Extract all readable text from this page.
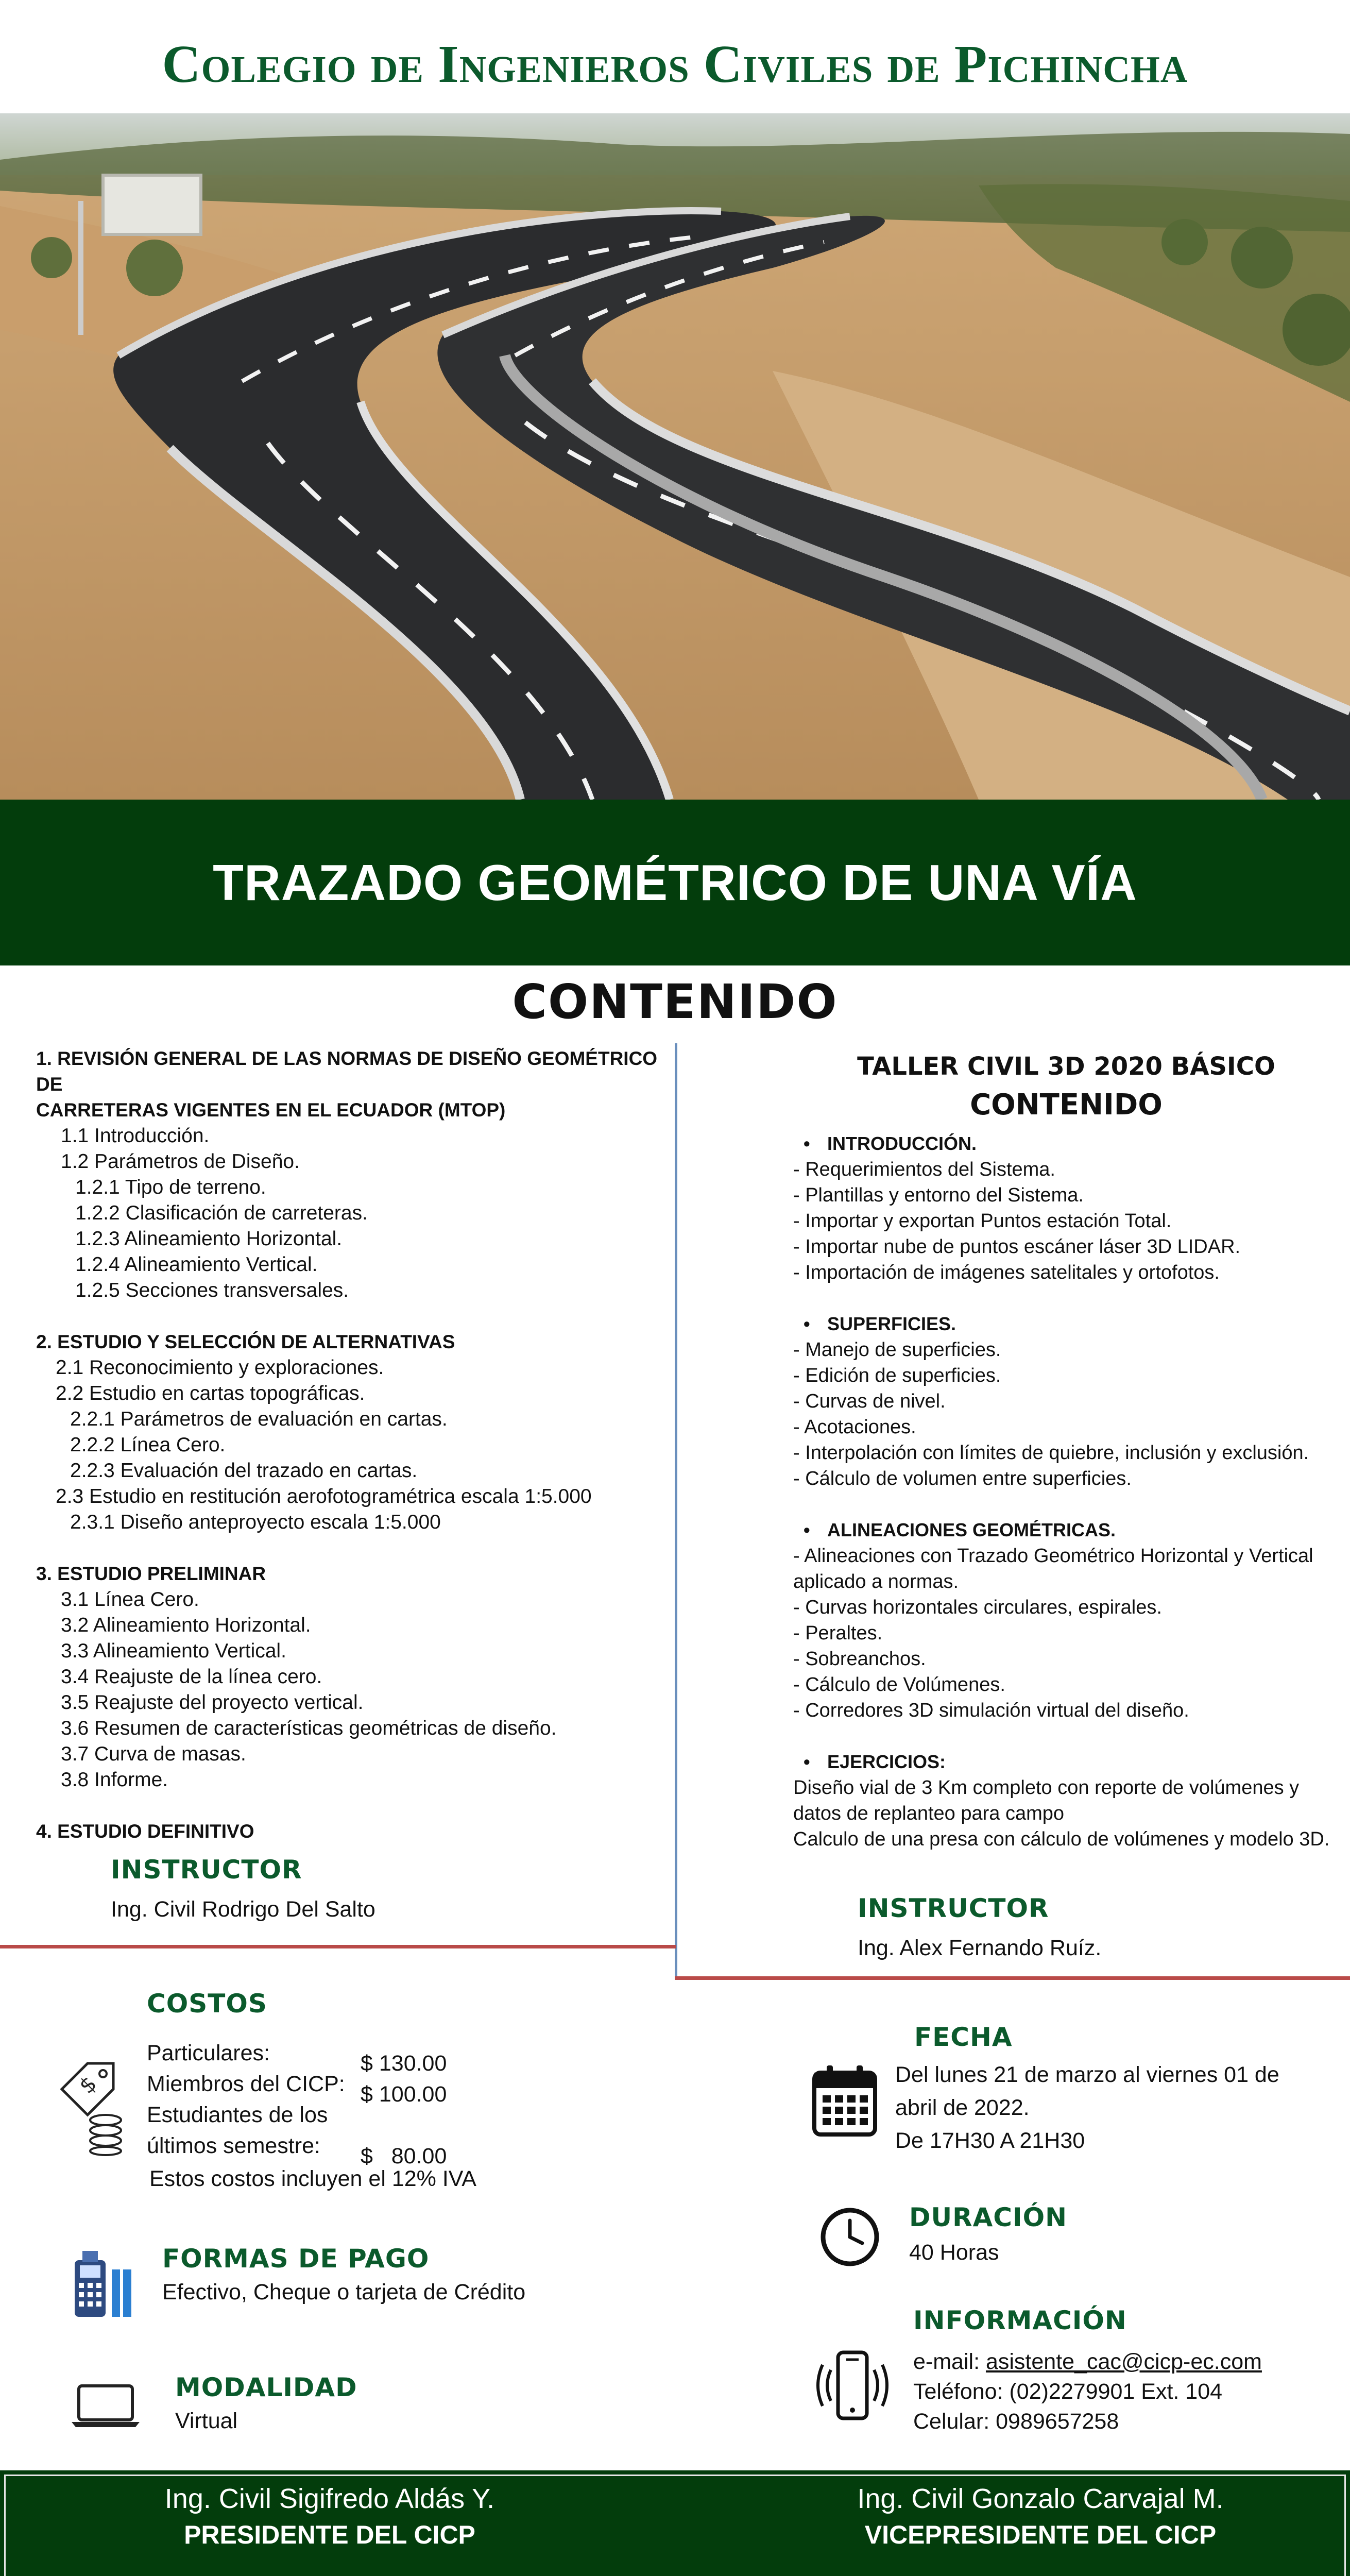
Colegio de Ingenieros Civiles de Pichincha
TRAZADO GEOMÉTRICO DE UNA VÍA
CONTENIDO
1. REVISIÓN GENERAL DE LAS NORMAS DE DISEÑO GEOMÉTRICO DE
CARRETERAS VIGENTES EN EL ECUADOR (MTOP)
1.1 Introducción.
1.2 Parámetros de Diseño.
1.2.1 Tipo de terreno.
1.2.2 Clasificación de carreteras.
1.2.3 Alineamiento Horizontal.
1.2.4 Alineamiento Vertical.
1.2.5 Secciones transversales.
2. ESTUDIO Y SELECCIÓN DE ALTERNATIVAS
2.1 Reconocimiento y exploraciones.
2.2 Estudio en cartas topográficas.
2.2.1 Parámetros de evaluación en cartas.
2.2.2 Línea Cero.
2.2.3 Evaluación del trazado en cartas.
2.3 Estudio en restitución aerofotogramétrica escala 1:5.000
2.3.1 Diseño anteproyecto escala 1:5.000
3. ESTUDIO PRELIMINAR
3.1 Línea Cero.
3.2 Alineamiento Horizontal.
3.3 Alineamiento Vertical.
3.4 Reajuste de la línea cero.
3.5 Reajuste del proyecto vertical.
3.6 Resumen de características geométricas de diseño.
3.7 Curva de masas.
3.8 Informe.
4. ESTUDIO DEFINITIVO
INSTRUCTOR
Ing. Civil Rodrigo Del Salto
TALLER CIVIL 3D 2020 BÁSICO
CONTENIDO
• INTRODUCCIÓN.
- Requerimientos del Sistema.
- Plantillas y entorno del Sistema.
- Importar y exportan Puntos estación Total.
- Importar nube de puntos escáner láser 3D LIDAR.
- Importación de imágenes satelitales y ortofotos.
• SUPERFICIES.
- Manejo de superficies.
- Edición de superficies.
- Curvas de nivel.
- Acotaciones.
- Interpolación con límites de quiebre, inclusión y exclusión.
- Cálculo de volumen entre superficies.
• ALINEACIONES GEOMÉTRICAS.
- Alineaciones con Trazado Geométrico Horizontal y Vertical
aplicado a normas.
- Curvas horizontales circulares, espirales.
- Peraltes.
- Sobreanchos.
- Cálculo de Volúmenes.
- Corredores 3D simulación virtual del diseño.
• EJERCICIOS:
Diseño vial de 3 Km completo con reporte de volúmenes y
datos de replanteo para campo
Calculo de una presa con cálculo de volúmenes y modelo 3D.
INSTRUCTOR
Ing. Alex Fernando Ruíz.
COSTOS
$
Particulares:
Miembros del CICP:
Estudiantes de los
últimos semestre:
$ 130.00
$ 100.00
$   80.00
Estos costos incluyen el 12% IVA
FORMAS DE PAGO
Efectivo, Cheque o tarjeta de Crédito
MODALIDAD
Virtual
FECHA
Del lunes 21 de marzo al viernes 01 de
abril de 2022.
De 17H30 A 21H30
DURACIÓN
40 Horas
INFORMACIÓN
e-mail: asistente_cac@cicp-ec.com
Teléfono: (02)2279901 Ext. 104
Celular: 0989657258
Ing. Civil Sigifredo Aldás Y.
PRESIDENTE DEL CICP
Ing. Civil Gonzalo Carvajal M.
VICEPRESIDENTE DEL CICP
